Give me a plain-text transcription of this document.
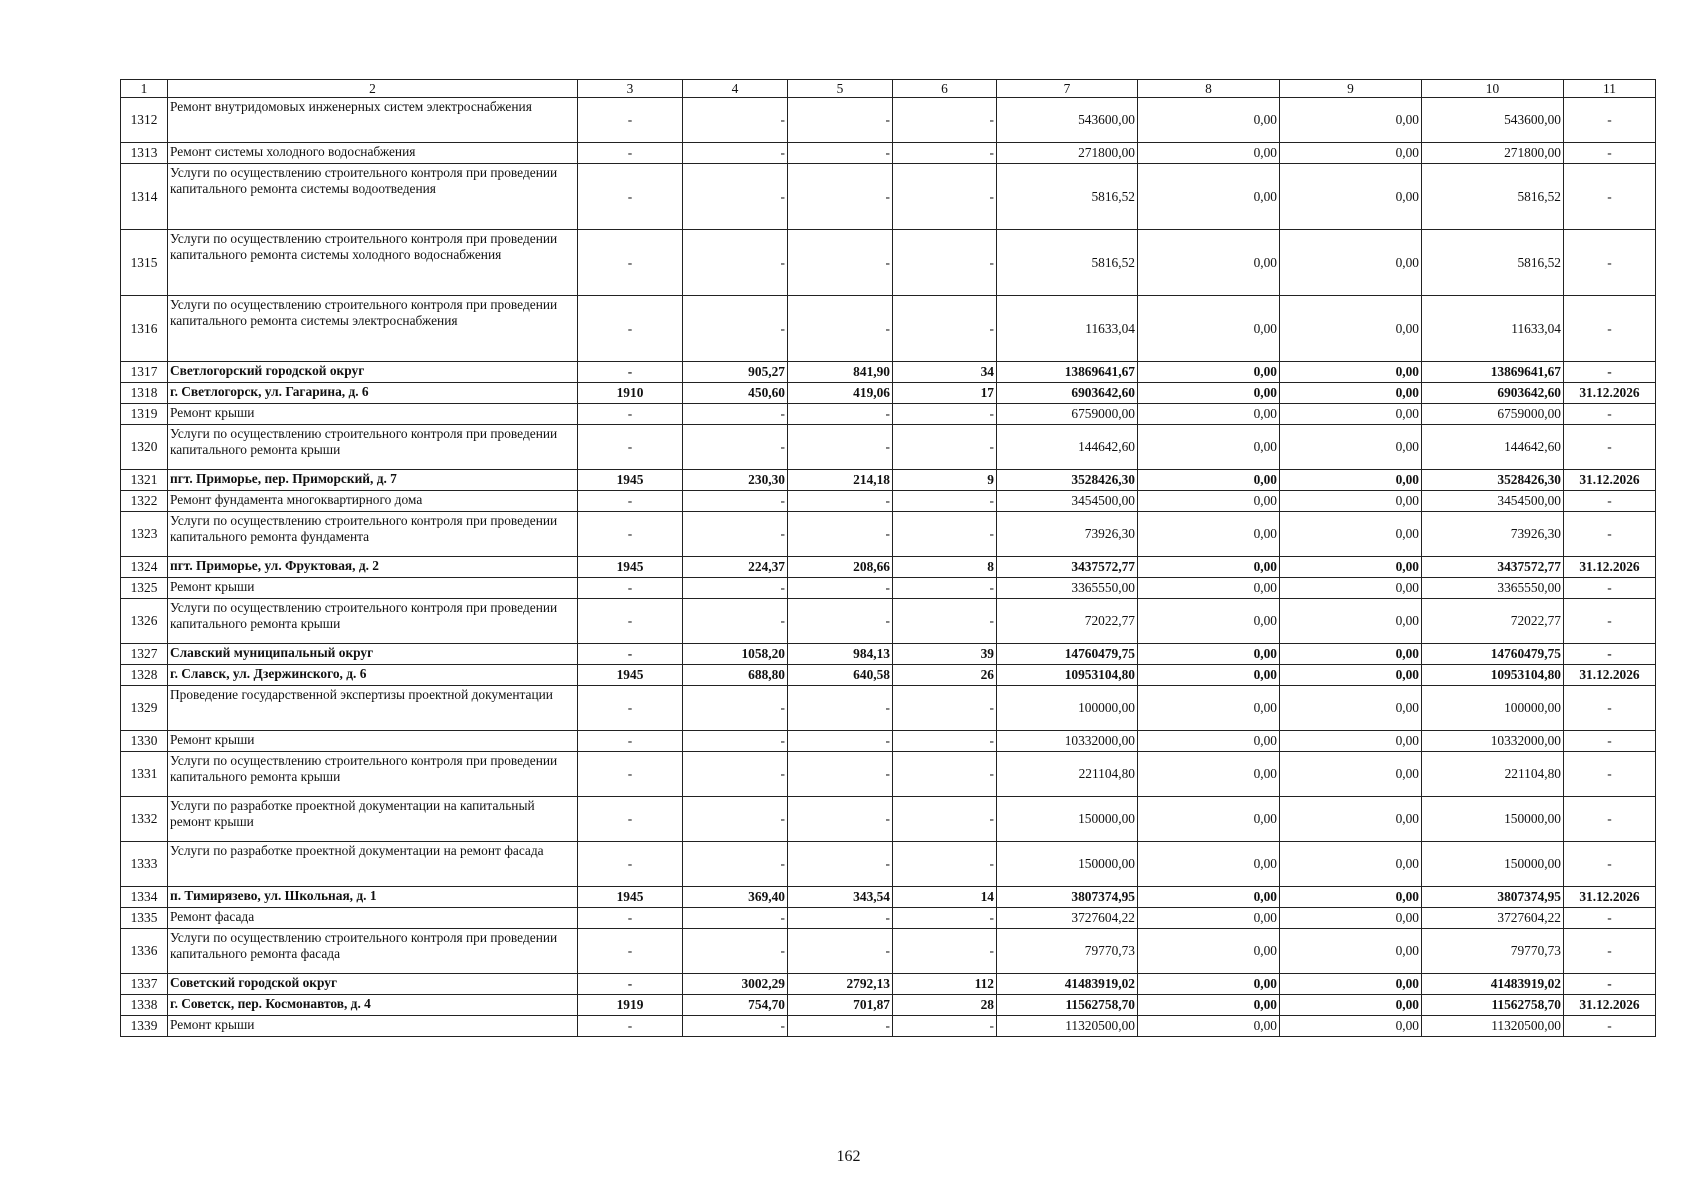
1	2	3	4	5	6	7	8	9	10	11
1312	Ремонт внутридомовых инженерных систем электроснабжения	-	-	-	-	543600,00	0,00	0,00	543600,00	-
1313	Ремонт системы холодного водоснабжения	-	-	-	-	271800,00	0,00	0,00	271800,00	-
1314	Услуги по осуществлению строительного контроля при проведении капитального ремонта системы водоотведения	-	-	-	-	5816,52	0,00	0,00	5816,52	-
1315	Услуги по осуществлению строительного контроля при проведении капитального ремонта системы холодного водоснабжения	-	-	-	-	5816,52	0,00	0,00	5816,52	-
1316	Услуги по осуществлению строительного контроля при проведении капитального ремонта системы электроснабжения	-	-	-	-	11633,04	0,00	0,00	11633,04	-
1317	Светлогорский городской округ	-	905,27	841,90	34	13869641,67	0,00	0,00	13869641,67	-
1318	г. Светлогорск, ул. Гагарина, д. 6	1910	450,60	419,06	17	6903642,60	0,00	0,00	6903642,60	31.12.2026
1319	Ремонт крыши	-	-	-	-	6759000,00	0,00	0,00	6759000,00	-
1320	Услуги по осуществлению строительного контроля при проведении капитального ремонта крыши	-	-	-	-	144642,60	0,00	0,00	144642,60	-
1321	пгт. Приморье, пер. Приморский, д. 7	1945	230,30	214,18	9	3528426,30	0,00	0,00	3528426,30	31.12.2026
1322	Ремонт фундамента многоквартирного дома	-	-	-	-	3454500,00	0,00	0,00	3454500,00	-
1323	Услуги по осуществлению строительного контроля при проведении капитального ремонта фундамента	-	-	-	-	73926,30	0,00	0,00	73926,30	-
1324	пгт. Приморье, ул. Фруктовая, д. 2	1945	224,37	208,66	8	3437572,77	0,00	0,00	3437572,77	31.12.2026
1325	Ремонт крыши	-	-	-	-	3365550,00	0,00	0,00	3365550,00	-
1326	Услуги по осуществлению строительного контроля при проведении капитального ремонта крыши	-	-	-	-	72022,77	0,00	0,00	72022,77	-
1327	Славский муниципальный округ	-	1058,20	984,13	39	14760479,75	0,00	0,00	14760479,75	-
1328	г. Славск, ул. Дзержинского, д. 6	1945	688,80	640,58	26	10953104,80	0,00	0,00	10953104,80	31.12.2026
1329	Проведение государственной экспертизы проектной документации	-	-	-	-	100000,00	0,00	0,00	100000,00	-
1330	Ремонт крыши	-	-	-	-	10332000,00	0,00	0,00	10332000,00	-
1331	Услуги по осуществлению строительного контроля при проведении капитального ремонта крыши	-	-	-	-	221104,80	0,00	0,00	221104,80	-
1332	Услуги по разработке проектной документации на капитальный ремонт крыши	-	-	-	-	150000,00	0,00	0,00	150000,00	-
1333	Услуги по разработке проектной документации на ремонт фасада	-	-	-	-	150000,00	0,00	0,00	150000,00	-
1334	п. Тимирязево, ул. Школьная, д. 1	1945	369,40	343,54	14	3807374,95	0,00	0,00	3807374,95	31.12.2026
1335	Ремонт фасада	-	-	-	-	3727604,22	0,00	0,00	3727604,22	-
1336	Услуги по осуществлению строительного контроля при проведении капитального ремонта фасада	-	-	-	-	79770,73	0,00	0,00	79770,73	-
1337	Советский городской округ	-	3002,29	2792,13	112	41483919,02	0,00	0,00	41483919,02	-
1338	г. Советск, пер. Космонавтов, д. 4	1919	754,70	701,87	28	11562758,70	0,00	0,00	11562758,70	31.12.2026
1339	Ремонт крыши	-	-	-	-	11320500,00	0,00	0,00	11320500,00	-
162
